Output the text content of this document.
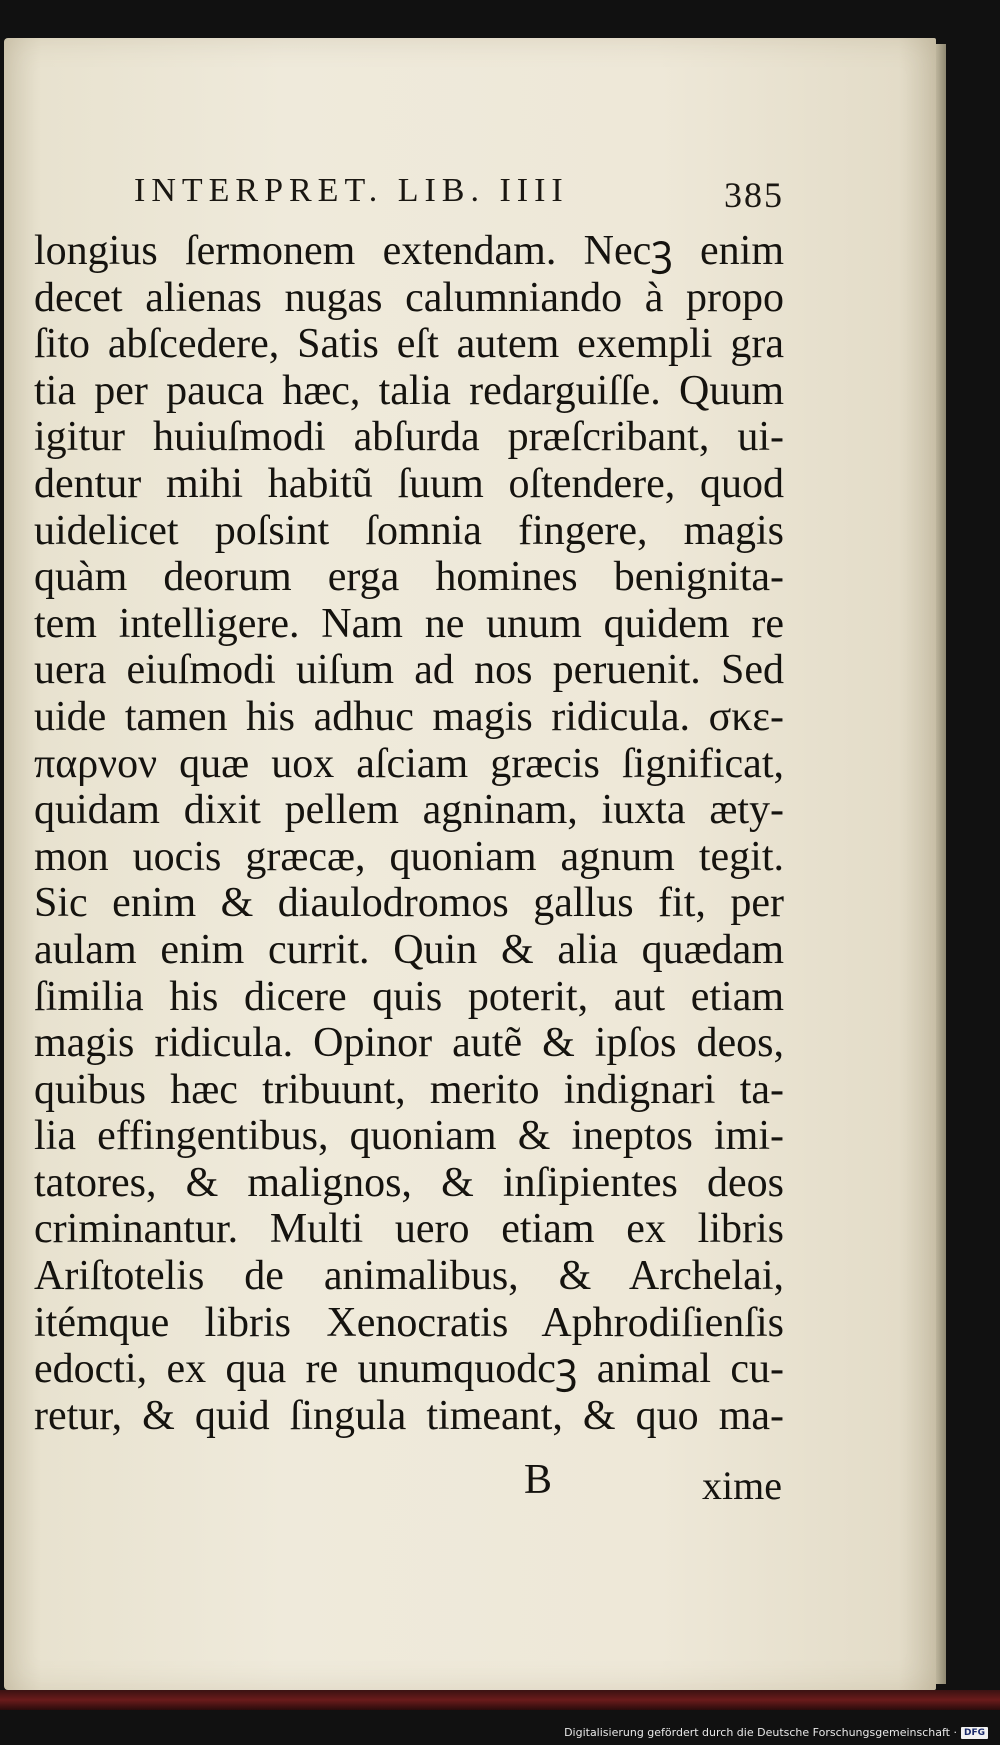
INTERPRET. LIB. IIII	385
longius ſermonem extendam. Necꝫ enim
decet alienas nugas calumniando à propo
ſito abſcedere, Satis eſt autem exempli gra
tia per pauca hæc, talia redarguiſſe. Quum
igitur huiuſmodi abſurda præſcribant, ui-
dentur mihi habitũ ſuum oſtendere, quod
uidelicet poſsint ſomnia fingere, magis
quàm deorum erga homines benignita-
tem intelligere. Nam ne unum quidem re
uera eiuſmodi uiſum ad nos peruenit. Sed
uide tamen his adhuc magis ridicula. σκε-
παρνον quæ uox aſciam græcis ſignificat,
quidam dixit pellem agninam, iuxta æty-
mon uocis græcæ, quoniam agnum tegit.
Sic enim & diaulodromos gallus fit, per
aulam enim currit. Quin & alia quædam
ſimilia his dicere quis poterit, aut etiam
magis ridicula. Opinor autẽ & ipſos deos,
quibus hæc tribuunt, merito indignari ta-
lia effingentibus, quoniam & ineptos imi-
tatores, & malignos, & inſipientes deos
criminantur. Multi uero etiam ex libris
Ariſtotelis de animalibus, & Archelai,
itémque libris Xenocratis Aphrodiſienſis
edocti, ex qua re unumquodcꝫ animal cu-
retur, & quid ſingula timeant, & quo ma-
B	xime
Digitalisierung gefördert durch die Deutsche Forschungsgemeinschaft · DFG
